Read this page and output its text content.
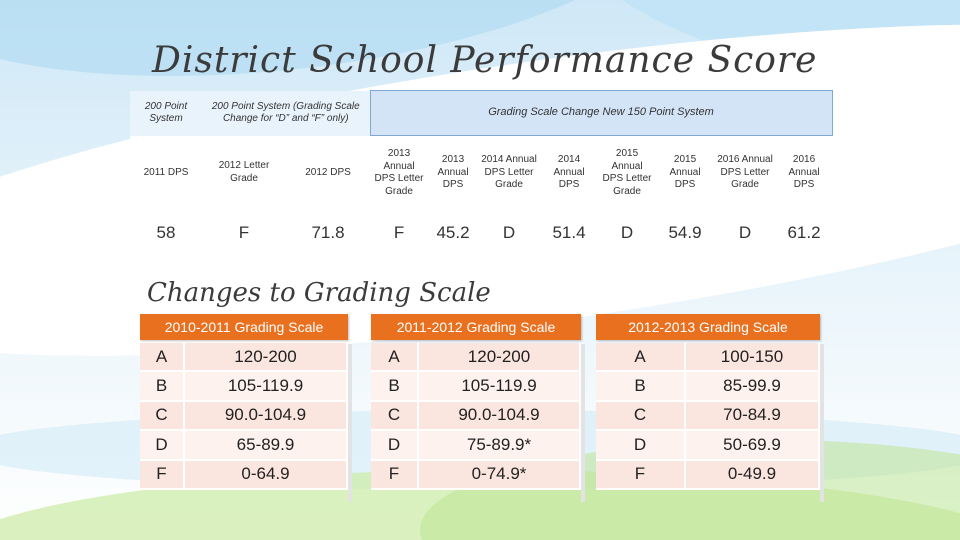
District School Performance Score
200 Point System	200 Point System (Grading Scale Change for “D” and “F” only)		Grading Scale Change New 150 Point System							
2011 DPS	2012 Letter Grade	2012 DPS	2013 Annual DPS Letter Grade	2013 Annual DPS	2014 Annual DPS Letter Grade	2014 Annual DPS	2015 Annual DPS Letter Grade	2015 Annual DPS	2016 Annual DPS Letter Grade	2016 Annual DPS
58	F	71.8	F	45.2	D	51.4	D	54.9	D	61.2
Changes to Grading Scale
2010-2011 Grading Scale
A	120-200
B	105-119.9
C	90.0-104.9
D	65-89.9
F	0-64.9
2011-2012 Grading Scale
A	120-200
B	105-119.9
C	90.0-104.9
D	75-89.9*
F	0-74.9*
2012-2013 Grading Scale
A	100-150
B	85-99.9
C	70-84.9
D	50-69.9
F	0-49.9
